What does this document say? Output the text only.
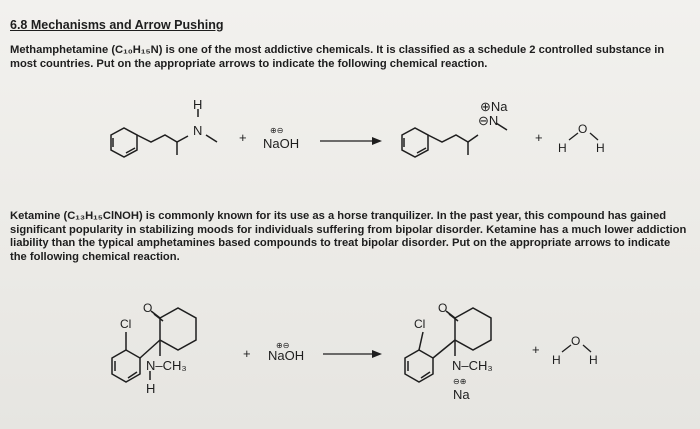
6.8 Mechanisms and Arrow Pushing

Methamphetamine (C₁₀H₁₅N) is one of the most addictive chemicals. It is classified as a schedule 2 controlled substance in most countries. Put on the appropriate arrows to indicate the following chemical reaction.

H
N	+	⊕⊖
NaOH
⊕Na
⊖N
+
H
O
H

Ketamine (C₁₃H₁₅ClNOH) is commonly known for its use as a horse tranquilizer. In the past year, this compound has gained significant popularity in stabilizing moods for individuals suffering from bipolar disorder. Ketamine has a much lower addiction liability than the typical amphetamines based compounds to treat bipolar disorder. Put on the appropriate arrows to indicate the following chemical reaction.

Cl
O
N–CH₃
H
+
⊕⊖
NaOH
Cl
O
N–CH₃
⊖⊕
Na
+
H
O
H
